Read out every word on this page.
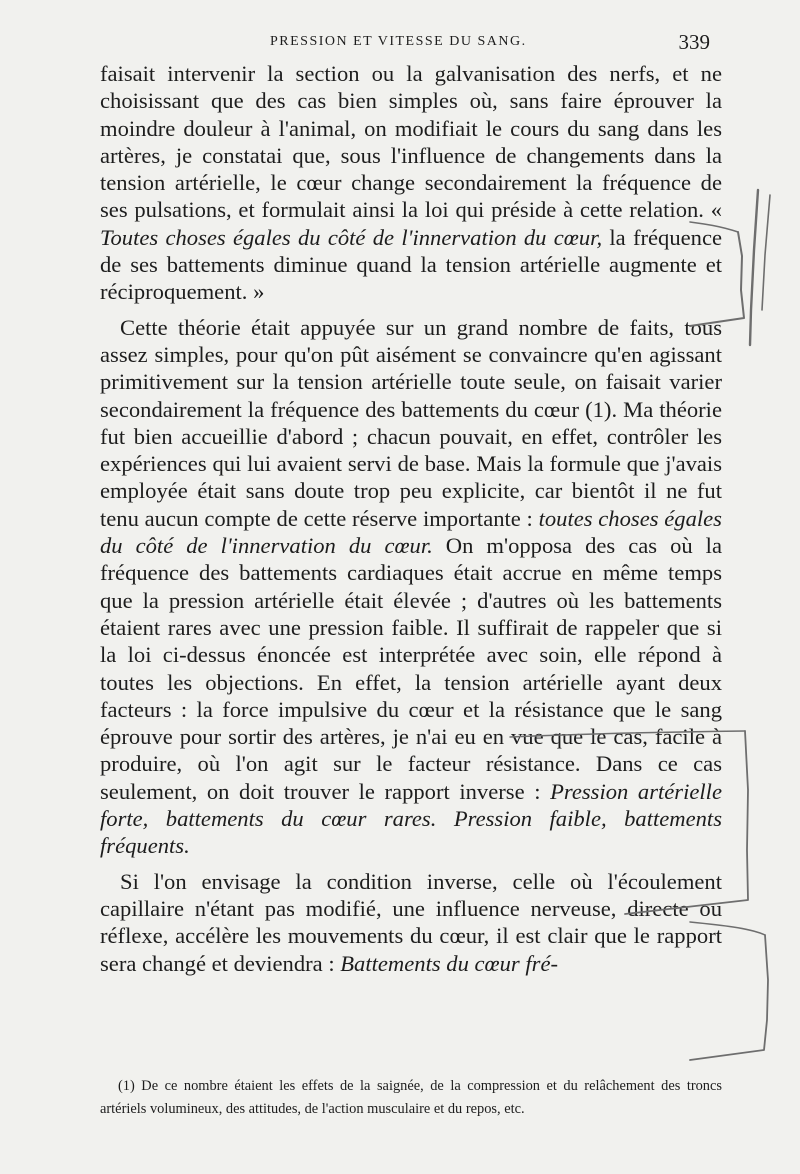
PRESSION ET VITESSE DU SANG.	339

faisait intervenir la section ou la galvanisation des nerfs, et ne choisissant que des cas bien simples où, sans faire éprouver la moindre douleur à l'animal, on modifiait le cours du sang dans les artères, je constatai que, sous l'influence de changements dans la tension artérielle, le cœur change secondairement la fréquence de ses pulsations, et formulait ainsi la loi qui préside à cette relation. « Toutes choses égales du côté de l'innervation du cœur, la fréquence de ses battements diminue quand la tension artérielle augmente et réciproquement. »

Cette théorie était appuyée sur un grand nombre de faits, tous assez simples, pour qu'on pût aisément se convaincre qu'en agissant primitivement sur la tension artérielle toute seule, on faisait varier secondairement la fréquence des battements du cœur (1). Ma théorie fut bien accueillie d'abord ; chacun pouvait, en effet, contrôler les expériences qui lui avaient servi de base. Mais la formule que j'avais employée était sans doute trop peu explicite, car bientôt il ne fut tenu aucun compte de cette réserve importante : toutes choses égales du côté de l'innervation du cœur. On m'opposa des cas où la fréquence des battements cardiaques était accrue en même temps que la pression artérielle était élevée ; d'autres où les battements étaient rares avec une pression faible. Il suffirait de rappeler que si la loi ci-dessus énoncée est interprétée avec soin, elle répond à toutes les objections. En effet, la tension artérielle ayant deux facteurs : la force impulsive du cœur et la résistance que le sang éprouve pour sortir des artères, je n'ai eu en vue que le cas, facile à produire, où l'on agit sur le facteur résistance. Dans ce cas seulement, on doit trouver le rapport inverse : Pression artérielle forte, battements du cœur rares. Pression faible, battements fréquents.

Si l'on envisage la condition inverse, celle où l'écoulement capillaire n'étant pas modifié, une influence nerveuse, directe ou réflexe, accélère les mouvements du cœur, il est clair que le rapport sera changé et deviendra : Battements du cœur fré-

(1) De ce nombre étaient les effets de la saignée, de la compression et du relâchement des troncs artériels volumineux, des attitudes, de l'action musculaire et du repos, etc.
